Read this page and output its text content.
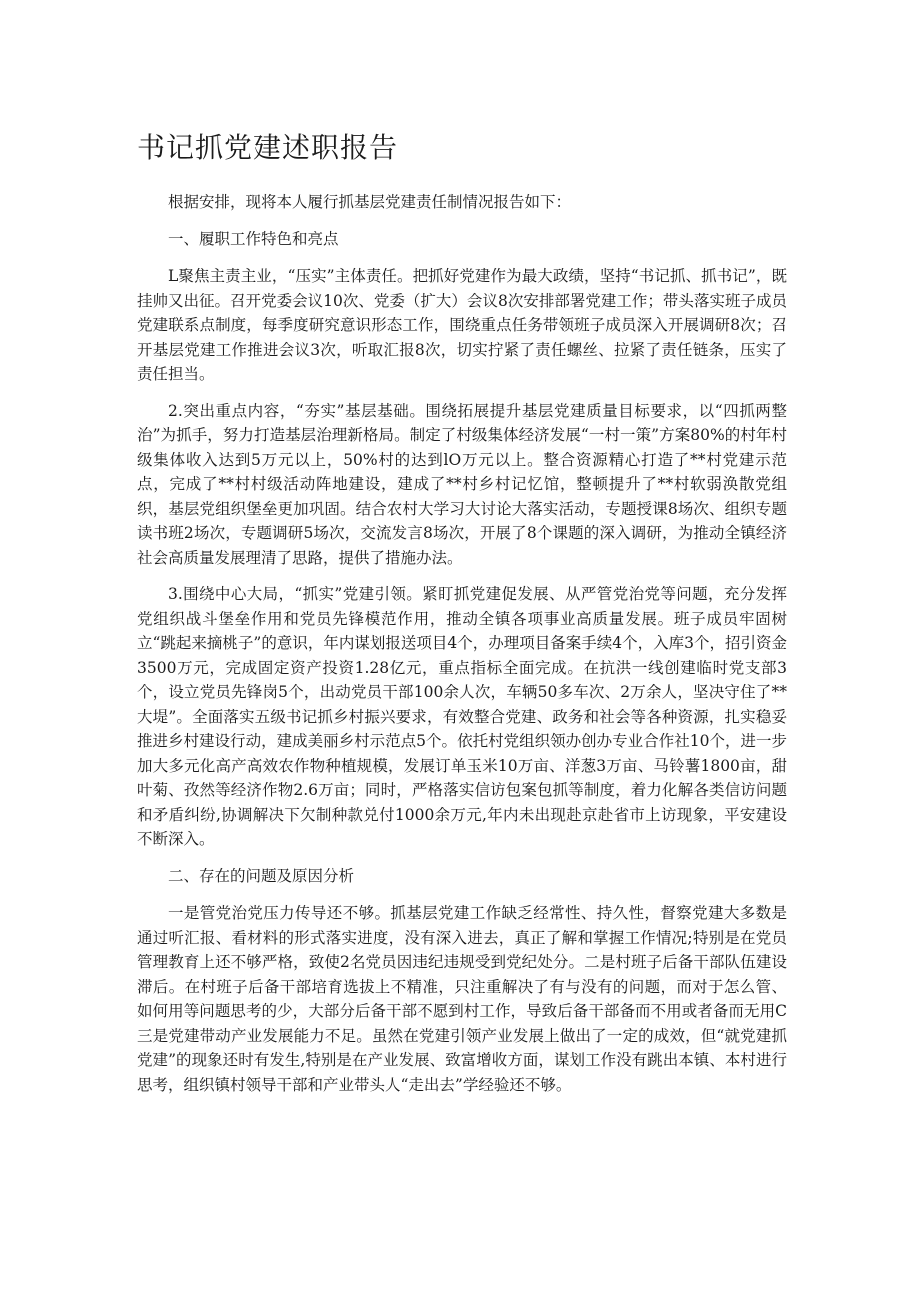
书记抓党建述职报告

根据安排，现将本人履行抓基层党建责任制情况报告如下：

一、履职工作特色和亮点

L聚焦主责主业，“压实”主体责任。把抓好党建作为最大政绩，坚持“书记抓、抓书记”，既挂帅又出征。召开党委会议10次、党委（扩大）会议8次安排部署党建工作；带头落实班子成员党建联系点制度，每季度研究意识形态工作，围绕重点任务带领班子成员深入开展调研8次；召开基层党建工作推进会议3次，听取汇报8次，切实拧紧了责任螺丝、拉紧了责任链条，压实了责任担当。

2.突出重点内容，“夯实”基层基础。围绕拓展提升基层党建质量目标要求，以“四抓两整治”为抓手，努力打造基层治理新格局。制定了村级集体经济发展“一村一策”方案80%的村年村级集体收入达到5万元以上，50%村的达到lO万元以上。整合资源精心打造了**村党建示范点，完成了**村村级活动阵地建设，建成了**村乡村记忆馆，整顿提升了**村软弱涣散党组织，基层党组织堡垒更加巩固。结合农村大学习大讨论大落实活动，专题授课8场次、组织专题读书班2场次，专题调研5场次，交流发言8场次，开展了8个课题的深入调研，为推动全镇经济社会高质量发展理清了思路，提供了措施办法。

3.围绕中心大局，“抓实”党建引领。紧盯抓党建促发展、从严管党治党等问题，充分发挥党组织战斗堡垒作用和党员先锋模范作用，推动全镇各项事业高质量发展。班子成员牢固树立“跳起来摘桃子”的意识，年内谋划报送项目4个，办理项目备案手续4个，入库3个，招引资金3500万元，完成固定资产投资1.28亿元，重点指标全面完成。在抗洪一线创建临时党支部3个，设立党员先锋岗5个，出动党员干部100余人次，车辆50多车次、2万余人，坚决守住了**大堤”。全面落实五级书记抓乡村振兴要求，有效整合党建、政务和社会等各种资源，扎实稳妥推进乡村建设行动，建成美丽乡村示范点5个。依托村党组织领办创办专业合作社10个，进一步加大多元化高产高效农作物种植规模，发展订单玉米10万亩、洋葱3万亩、马铃薯1800亩，甜叶菊、孜然等经济作物2.6万亩；同时，严格落实信访包案包抓等制度，着力化解各类信访问题和矛盾纠纷,协调解决下欠制种款兑付1000余万元,年内未出现赴京赴省市上访现象，平安建设不断深入。

二、存在的问题及原因分析

一是管党治党压力传导还不够。抓基层党建工作缺乏经常性、持久性，督察党建大多数是通过听汇报、看材料的形式落实进度，没有深入进去，真正了解和掌握工作情况;特别是在党员管理教育上还不够严格，致使2名党员因违纪违规受到党纪处分。二是村班子后备干部队伍建设滞后。在村班子后备干部培育选拔上不精准，只注重解决了有与没有的问题，而对于怎么管、如何用等问题思考的少，大部分后备干部不愿到村工作，导致后备干部备而不用或者备而无用C三是党建带动产业发展能力不足。虽然在党建引领产业发展上做出了一定的成效，但“就党建抓党建”的现象还时有发生,特别是在产业发展、致富增收方面，谋划工作没有跳出本镇、本村进行思考，组织镇村领导干部和产业带头人“走出去”学经验还不够。
